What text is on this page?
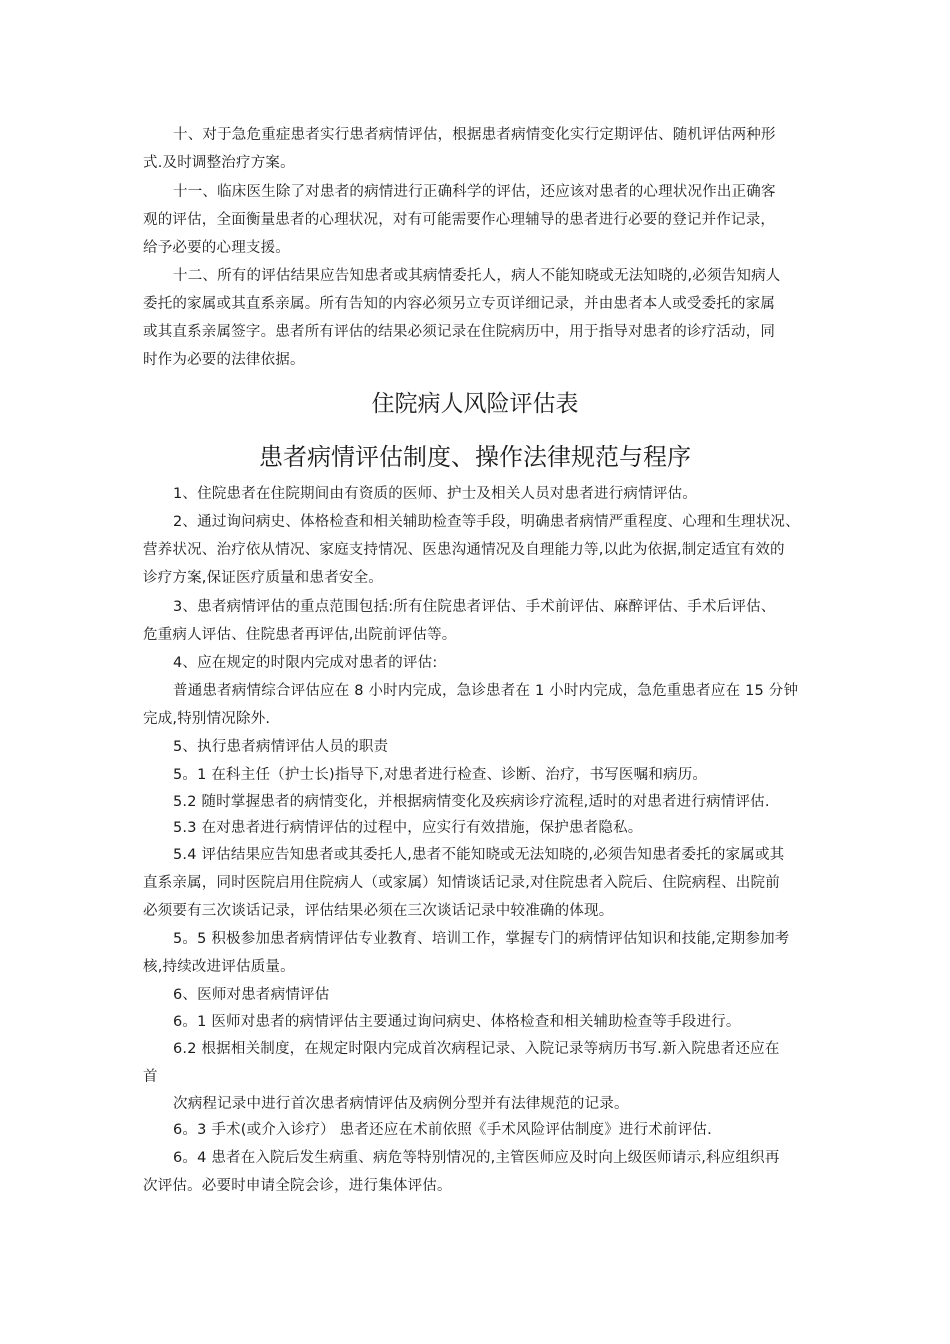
十、对于急危重症患者实行患者病情评估，根据患者病情变化实行定期评估、随机评估两种形
式.及时调整治疗方案。
十一、临床医生除了对患者的病情进行正确科学的评估，还应该对患者的心理状况作出正确客
观的评估，全面衡量患者的心理状况，对有可能需要作心理辅导的患者进行必要的登记并作记录，
给予必要的心理支援。
十二、所有的评估结果应告知患者或其病情委托人，病人不能知晓或无法知晓的,必须告知病人
委托的家属或其直系亲属。所有告知的内容必须另立专页详细记录，并由患者本人或受委托的家属
或其直系亲属签字。患者所有评估的结果必须记录在住院病历中，用于指导对患者的诊疗活动，同
时作为必要的法律依据。
住院病人风险评估表
患者病情评估制度、操作法律规范与程序
1、住院患者在住院期间由有资质的医师、护士及相关人员对患者进行病情评估。
2、通过询问病史、体格检查和相关辅助检查等手段，明确患者病情严重程度、心理和生理状况、
营养状况、治疗依从情况、家庭支持情况、医患沟通情况及自理能力等,以此为依据,制定适宜有效的
诊疗方案,保证医疗质量和患者安全。
3、患者病情评估的重点范围包括:所有住院患者评估、手术前评估、麻醉评估、手术后评估、
危重病人评估、住院患者再评估,出院前评估等。
4、应在规定的时限内完成对患者的评估:
普通患者病情综合评估应在 8 小时内完成，急诊患者在 1 小时内完成，急危重患者应在 15 分钟
完成,特别情况除外.
5、执行患者病情评估人员的职责
5。1 在科主任（护士长)指导下,对患者进行检查、诊断、治疗，书写医嘱和病历。
5.2 随时掌握患者的病情变化，并根据病情变化及疾病诊疗流程,适时的对患者进行病情评估.
5.3 在对患者进行病情评估的过程中，应实行有效措施，保护患者隐私。
5.4 评估结果应告知患者或其委托人,患者不能知晓或无法知晓的,必须告知患者委托的家属或其
直系亲属，同时医院启用住院病人（或家属）知情谈话记录,对住院患者入院后、住院病程、出院前
必须要有三次谈话记录，评估结果必须在三次谈话记录中较准确的体现。
5。5 积极参加患者病情评估专业教育、培训工作，掌握专门的病情评估知识和技能,定期参加考
核,持续改进评估质量。
6、医师对患者病情评估
6。1 医师对患者的病情评估主要通过询问病史、体格检查和相关辅助检查等手段进行。
6.2 根据相关制度，在规定时限内完成首次病程记录、入院记录等病历书写.新入院患者还应在
首
次病程记录中进行首次患者病情评估及病例分型并有法律规范的记录。
6。3 手术(或介入诊疗） 患者还应在术前依照《手术风险评估制度》进行术前评估.
6。4 患者在入院后发生病重、病危等特别情况的,主管医师应及时向上级医师请示,科应组织再
次评估。必要时申请全院会诊，进行集体评估。
